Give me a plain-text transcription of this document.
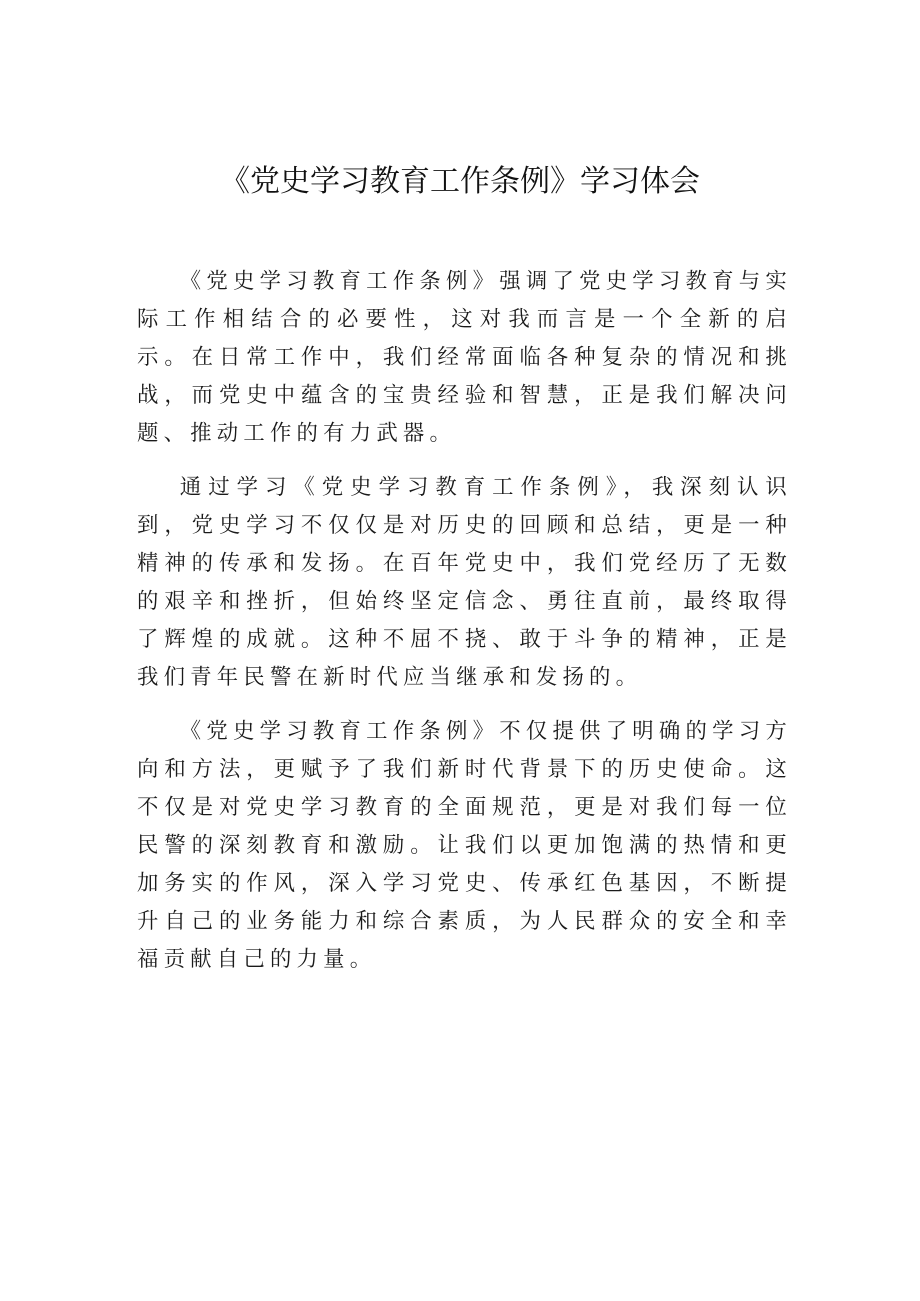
《党史学习教育工作条例》学习体会

《党史学习教育工作条例》强调了党史学习教育与实际工作相结合的必要性，这对我而言是一个全新的启示。在日常工作中，我们经常面临各种复杂的情况和挑战，而党史中蕴含的宝贵经验和智慧，正是我们解决问题、推动工作的有力武器。

通过学习《党史学习教育工作条例》，我深刻认识到，党史学习不仅仅是对历史的回顾和总结，更是一种精神的传承和发扬。在百年党史中，我们党经历了无数的艰辛和挫折，但始终坚定信念、勇往直前，最终取得了辉煌的成就。这种不屈不挠、敢于斗争的精神，正是我们青年民警在新时代应当继承和发扬的。

《党史学习教育工作条例》不仅提供了明确的学习方向和方法，更赋予了我们新时代背景下的历史使命。这不仅是对党史学习教育的全面规范，更是对我们每一位民警的深刻教育和激励。让我们以更加饱满的热情和更加务实的作风，深入学习党史、传承红色基因，不断提升自己的业务能力和综合素质，为人民群众的安全和幸福贡献自己的力量。
